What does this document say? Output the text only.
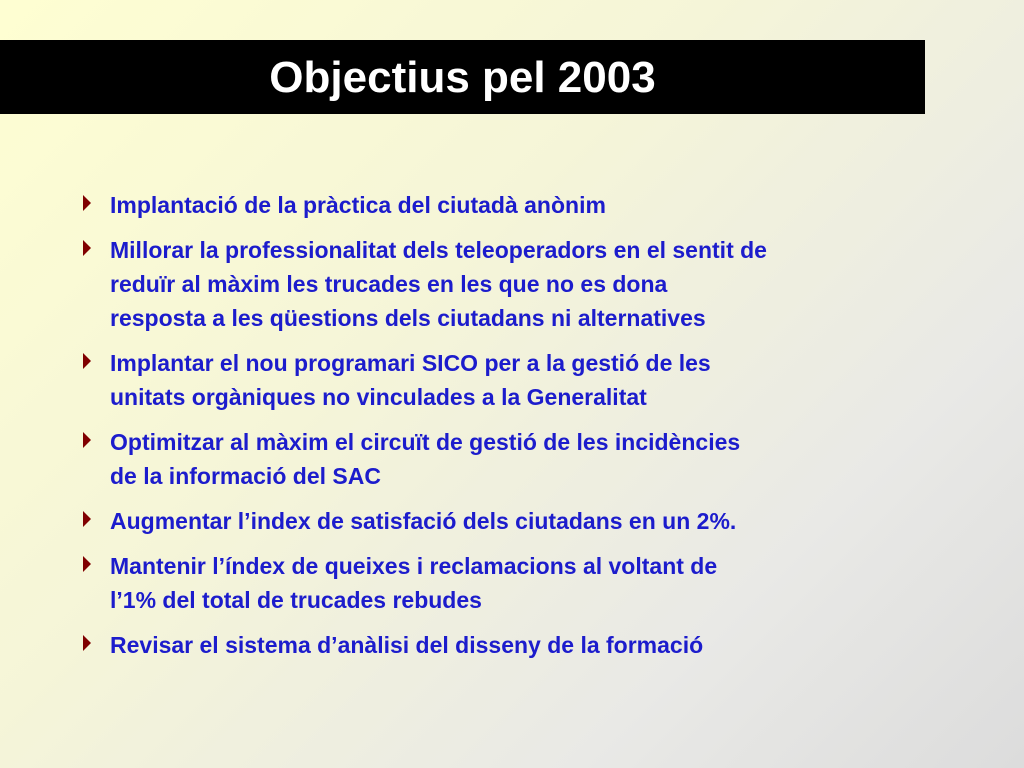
Objectius pel 2003
Implantació de la pràctica del ciutadà anònim
Millorar la professionalitat dels teleoperadors en el sentit de
reduïr al màxim les trucades en les que no es dona
resposta a les qüestions dels ciutadans ni alternatives
Implantar el nou programari SICO per a la gestió de les
unitats orgàniques no vinculades a la Generalitat
Optimitzar al màxim el circuït de gestió de les incidències
de la informació del SAC
Augmentar l’index de satisfació dels ciutadans en un 2%.
Mantenir l’índex de queixes i reclamacions al voltant de
l’1% del total de trucades rebudes
Revisar el sistema d’anàlisi del disseny de la formació
